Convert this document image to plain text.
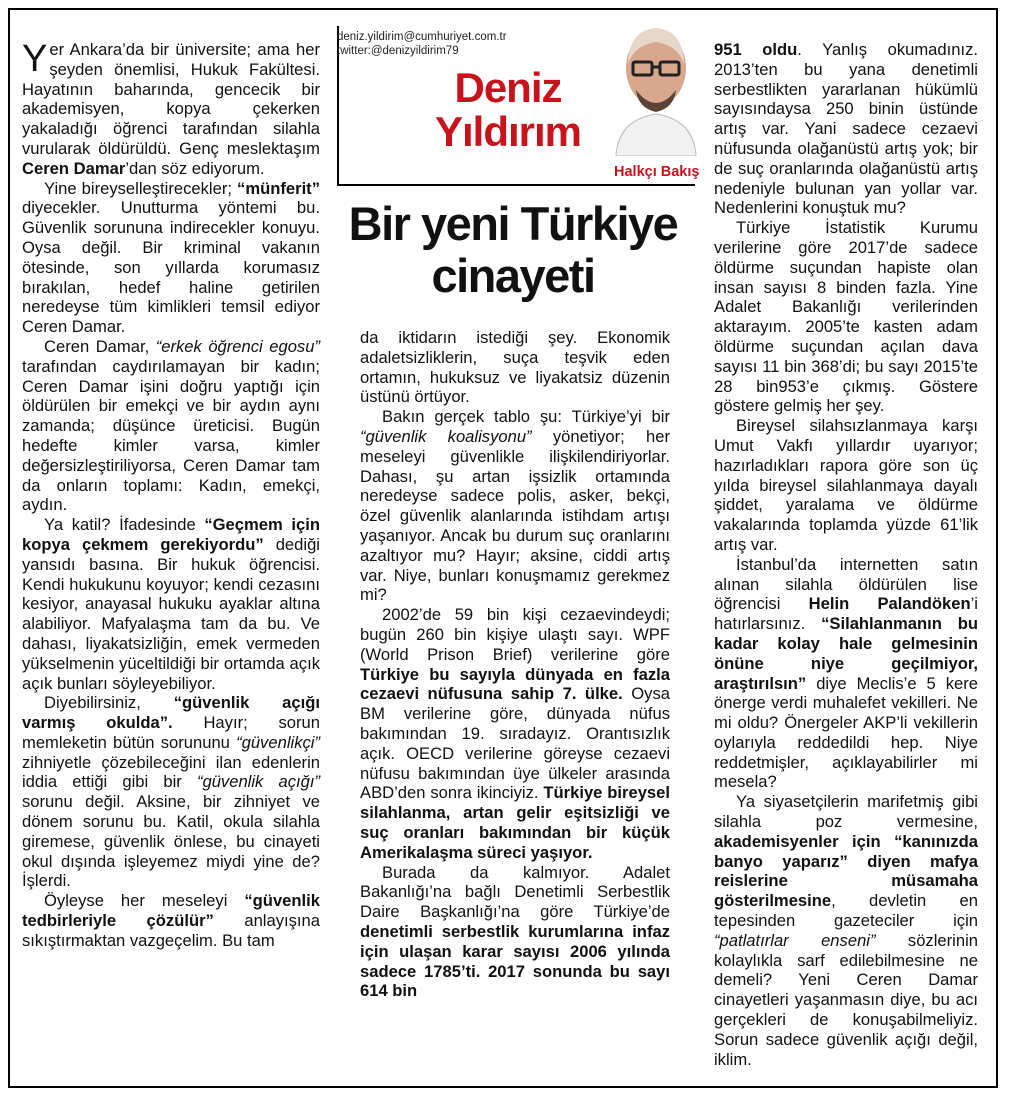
Yer Ankara’da bir üniversite; ama her şeyden önemlisi, Hukuk Fakültesi. Hayatının baharında, gencecik bir akademisyen, kopya çekerken yakaladığı öğrenci tarafından silahla vurularak öldürüldü. Genç meslektaşım Ceren Damar’dan söz ediyorum.

Yine bireyselleştirecekler; “münferit” diyecekler. Unutturma yöntemi bu. Güvenlik sorununa indirecekler konuyu. Oysa değil. Bir kriminal vakanın ötesinde, son yıllarda korumasız bırakılan, hedef haline getirilen neredeyse tüm kimlikleri temsil ediyor Ceren Damar.

Ceren Damar, “erkek öğrenci egosu” tarafından caydırılamayan bir kadın; Ceren Damar işini doğru yaptığı için öldürülen bir emekçi ve bir aydın aynı zamanda; düşünce üreticisi. Bugün hedefte kimler varsa, kimler değersizleştiriliyorsa, Ceren Damar tam da onların toplamı: Kadın, emekçi, aydın.

Ya katil? İfadesinde “Geçmem için kopya çekmem gerekiyordu” dediği yansıdı basına. Bir hukuk öğrencisi. Kendi hukukunu koyuyor; kendi cezasını kesiyor, anayasal hukuku ayaklar altına alabiliyor. Mafyalaşma tam da bu. Ve dahası, liyakatsizliğin, emek vermeden yükselmenin yüceltildiği bir ortamda açık açık bunları söyleyebiliyor.

Diyebilirsiniz, “güvenlik açığı varmış okulda”. Hayır; sorun memleketin bütün sorununu “güvenlikçi” zihniyetle çözebileceğini ilan edenlerin iddia ettiği gibi bir “güvenlik açığı” sorunu değil. Aksine, bir zihniyet ve dönem sorunu bu. Katil, okula silahla giremese, güvenlik önlese, bu cinayeti okul dışında işleyemez miydi yine de? İşlerdi.

Öyleyse her meseleyi “güvenlik tedbirleriyle çözülür” anlayışına sıkıştırmaktan vazgeçelim. Bu tam

deniz.yildirim@cumhuriyet.com.tr
twitter:@denizyildirim79
Deniz
Yıldırım
Halkçı Bakış
Bir yeni Türkiye
cinayeti

da iktidarın istediği şey. Ekonomik adaletsizliklerin, suça teşvik eden ortamın, hukuksuz ve liyakatsiz düzenin üstünü örtüyor.

Bakın gerçek tablo şu: Türkiye’yi bir “güvenlik koalisyonu” yönetiyor; her meseleyi güvenlikle ilişkilendiriyorlar. Dahası, şu artan işsizlik ortamında neredeyse sadece polis, asker, bekçi, özel güvenlik alanlarında istihdam artışı yaşanıyor. Ancak bu durum suç oranlarını azaltıyor mu? Hayır; aksine, ciddi artış var. Niye, bunları konuşmamız gerekmez mi?

2002’de 59 bin kişi cezaevindeydi; bugün 260 bin kişiye ulaştı sayı. WPF (World Prison Brief) verilerine göre Türkiye bu sayıyla dünyada en fazla cezaevi nüfusuna sahip 7. ülke. Oysa BM verilerine göre, dünyada nüfus bakımından 19. sıradayız. Orantısızlık açık. OECD verilerine göreyse cezaevi nüfusu bakımından üye ülkeler arasında ABD’den sonra ikinciyiz. Türkiye bireysel silahlanma, artan gelir eşitsizliği ve suç oranları bakımından bir küçük Amerikalaşma süreci yaşıyor.

Burada da kalmıyor. Adalet Bakanlığı’na bağlı Denetimli Serbestlik Daire Başkanlığı’na göre Türkiye’de denetimli serbestlik kurumlarına infaz için ulaşan karar sayısı 2006 yılında sadece 1785’ti. 2017 sonunda bu sayı 614 bin

951 oldu. Yanlış okumadınız. 2013’ten bu yana denetimli serbestlikten yararlanan hükümlü sayısındaysa 250 binin üstünde artış var. Yani sadece cezaevi nüfusunda olağanüstü artış yok; bir de suç oranlarında olağanüstü artış nedeniyle bulunan yan yollar var. Nedenlerini konuştuk mu?

Türkiye İstatistik Kurumu verilerine göre 2017’de sadece öldürme suçundan hapiste olan insan sayısı 8 binden fazla. Yine Adalet Bakanlığı verilerinden aktarayım. 2005’te kasten adam öldürme suçundan açılan dava sayısı 11 bin 368’di; bu sayı 2015’te 28 bin953’e çıkmış. Göstere göstere gelmiş her şey.

Bireysel silahsızlanmaya karşı Umut Vakfı yıllardır uyarıyor; hazırladıkları rapora göre son üç yılda bireysel silahlanmaya dayalı şiddet, yaralama ve öldürme vakalarında toplamda yüzde 61’lik artış var.

İstanbul’da internetten satın alınan silahla öldürülen lise öğrencisi Helin Palandöken’i hatırlarsınız. “Silahlanmanın bu kadar kolay hale gelmesinin önüne niye geçilmiyor, araştırılsın” diye Meclis’e 5 kere önerge verdi muhalefet vekilleri. Ne mi oldu? Önergeler AKP’li vekillerin oylarıyla reddedildi hep. Niye reddetmişler, açıklayabilirler mi mesela?

Ya siyasetçilerin marifetmiş gibi silahla poz vermesine, akademisyenler için “kanınızda banyo yaparız” diyen mafya reislerine müsamaha gösterilmesine, devletin en tepesinden gazeteciler için “patlatırlar enseni” sözlerinin kolaylıkla sarf edilebilmesine ne demeli? Yeni Ceren Damar cinayetleri yaşanmasın diye, bu acı gerçekleri de konuşabilmeliyiz. Sorun sadece güvenlik açığı değil, iklim.
